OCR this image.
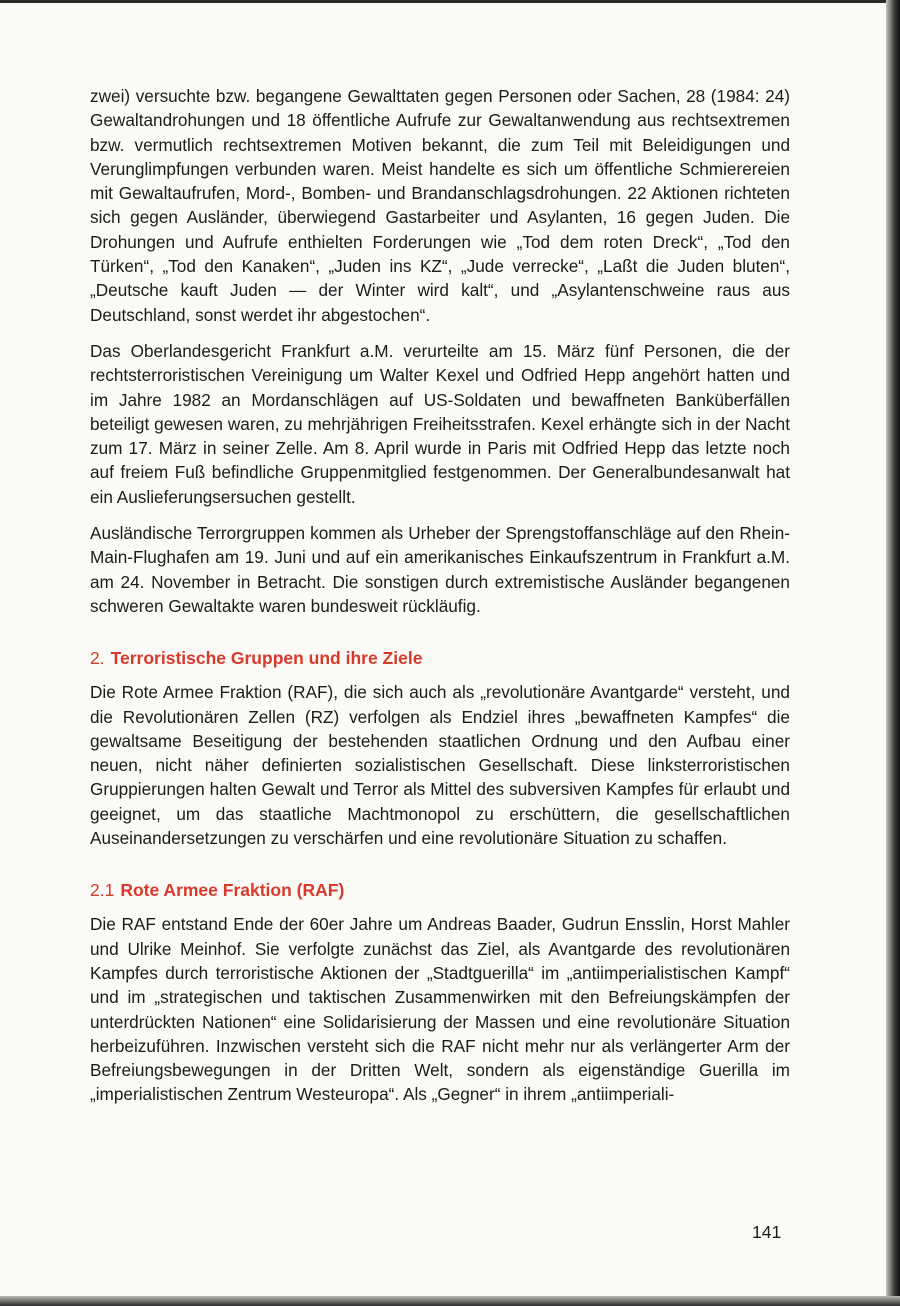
zwei) versuchte bzw. begangene Gewalttaten gegen Personen oder Sachen, 28 (1984: 24) Gewaltandrohungen und 18 öffentliche Aufrufe zur Gewaltanwendung aus rechtsextremen bzw. vermutlich rechtsextremen Motiven bekannt, die zum Teil mit Beleidigungen und Verunglimpfungen verbunden waren. Meist handelte es sich um öffentliche Schmierereien mit Gewaltaufrufen, Mord-, Bomben- und Brandanschlagsdrohungen. 22 Aktionen richteten sich gegen Ausländer, überwiegend Gastarbeiter und Asylanten, 16 gegen Juden. Die Drohungen und Aufrufe enthielten Forderungen wie „Tod dem roten Dreck“, „Tod den Türken“, „Tod den Kanaken“, „Juden ins KZ“, „Jude verrecke“, „Laßt die Juden bluten“, „Deutsche kauft Juden — der Winter wird kalt“, und „Asylantenschweine raus aus Deutschland, sonst werdet ihr abgestochen“.

Das Oberlandesgericht Frankfurt a.M. verurteilte am 15. März fünf Personen, die der rechtsterroristischen Vereinigung um Walter Kexel und Odfried Hepp angehört hatten und im Jahre 1982 an Mordanschlägen auf US-Soldaten und bewaffneten Banküberfällen beteiligt gewesen waren, zu mehrjährigen Freiheitsstrafen. Kexel erhängte sich in der Nacht zum 17. März in seiner Zelle. Am 8. April wurde in Paris mit Odfried Hepp das letzte noch auf freiem Fuß befindliche Gruppenmitglied festgenommen. Der Generalbundesanwalt hat ein Auslieferungsersuchen gestellt.

Ausländische Terrorgruppen kommen als Urheber der Sprengstoffanschläge auf den Rhein-Main-Flughafen am 19. Juni und auf ein amerikanisches Einkaufszentrum in Frankfurt a.M. am 24. November in Betracht. Die sonstigen durch extremistische Ausländer begangenen schweren Gewaltakte waren bundesweit rückläufig.

2. Terroristische Gruppen und ihre Ziele

Die Rote Armee Fraktion (RAF), die sich auch als „revolutionäre Avantgarde“ versteht, und die Revolutionären Zellen (RZ) verfolgen als Endziel ihres „bewaffneten Kampfes“ die gewaltsame Beseitigung der bestehenden staatlichen Ordnung und den Aufbau einer neuen, nicht näher definierten sozialistischen Gesellschaft. Diese linksterroristischen Gruppierungen halten Gewalt und Terror als Mittel des subversiven Kampfes für erlaubt und geeignet, um das staatliche Machtmonopol zu erschüttern, die gesellschaftlichen Auseinandersetzungen zu verschärfen und eine revolutionäre Situation zu schaffen.

2.1 Rote Armee Fraktion (RAF)

Die RAF entstand Ende der 60er Jahre um Andreas Baader, Gudrun Ensslin, Horst Mahler und Ulrike Meinhof. Sie verfolgte zunächst das Ziel, als Avantgarde des revolutionären Kampfes durch terroristische Aktionen der „Stadtguerilla“ im „antiimperialistischen Kampf“ und im „strategischen und taktischen Zusammenwirken mit den Befreiungskämpfen der unterdrückten Nationen“ eine Solidarisierung der Massen und eine revolutionäre Situation herbeizuführen. Inzwischen versteht sich die RAF nicht mehr nur als verlängerter Arm der Befreiungsbewegungen in der Dritten Welt, sondern als eigenständige Guerilla im „imperialistischen Zentrum Westeuropa“. Als „Gegner“ in ihrem „antiimperiali-

141
